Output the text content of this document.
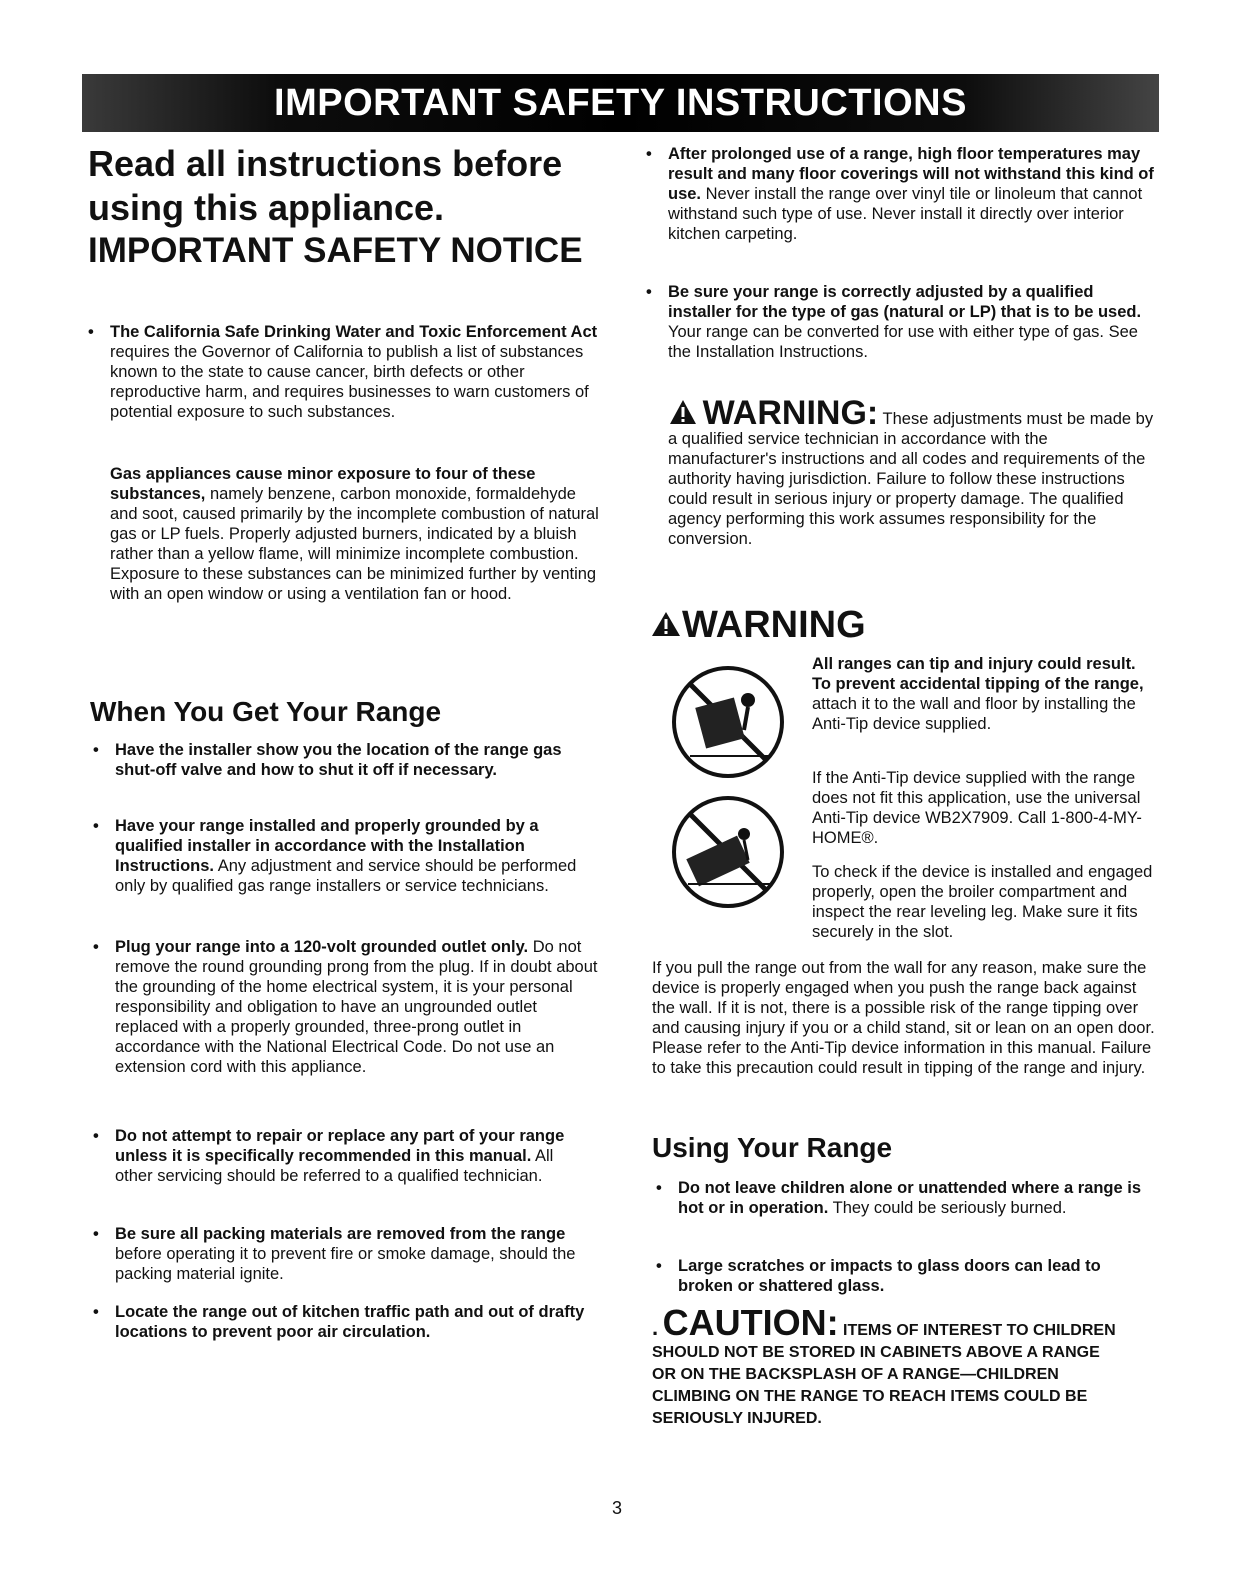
IMPORTANT SAFETY INSTRUCTIONS
Read all instructions before using this appliance.
IMPORTANT SAFETY NOTICE
• The California Safe Drinking Water and Toxic Enforcement Act requires the Governor of California to publish a list of substances known to the state to cause cancer, birth defects or other reproductive harm, and requires businesses to warn customers of potential exposure to such substances.
Gas appliances cause minor exposure to four of these substances, namely benzene, carbon monoxide, formaldehyde and soot, caused primarily by the incomplete combustion of natural gas or LP fuels. Properly adjusted burners, indicated by a bluish rather than a yellow flame, will minimize incomplete combustion. Exposure to these substances can be minimized further by venting with an open window or using a ventilation fan or hood.
When You Get Your Range
• Have the installer show you the location of the range gas shut-off valve and how to shut it off if necessary.
• Have your range installed and properly grounded by a qualified installer in accordance with the Installation Instructions. Any adjustment and service should be performed only by qualified gas range installers or service technicians.
• Plug your range into a 120-volt grounded outlet only. Do not remove the round grounding prong from the plug. If in doubt about the grounding of the home electrical system, it is your personal responsibility and obligation to have an ungrounded outlet replaced with a properly grounded, three-prong outlet in accordance with the National Electrical Code. Do not use an extension cord with this appliance.
• Do not attempt to repair or replace any part of your range unless it is specifically recommended in this manual. All other servicing should be referred to a qualified technician.
• Be sure all packing materials are removed from the range before operating it to prevent fire or smoke damage, should the packing material ignite.
• Locate the range out of kitchen traffic path and out of drafty locations to prevent poor air circulation.
• After prolonged use of a range, high floor temperatures may result and many floor coverings will not withstand this kind of use. Never install the range over vinyl tile or linoleum that cannot withstand such type of use. Never install it directly over interior kitchen carpeting.
• Be sure your range is correctly adjusted by a qualified installer for the type of gas (natural or LP) that is to be used. Your range can be converted for use with either type of gas. See the Installation Instructions.
WARNING: These adjustments must be made by a qualified service technician in accordance with the manufacturer's instructions and all codes and requirements of the authority having jurisdiction. Failure to follow these instructions could result in serious injury or property damage. The qualified agency performing this work assumes responsibility for the conversion.
WARNING
All ranges can tip and injury could result. To prevent accidental tipping of the range, attach it to the wall and floor by installing the Anti-Tip device supplied.
If the Anti-Tip device supplied with the range does not fit this application, use the universal Anti-Tip device WB2X7909. Call 1-800-4-MY-HOME®.
To check if the device is installed and engaged properly, open the broiler compartment and inspect the rear leveling leg. Make sure it fits securely in the slot.
If you pull the range out from the wall for any reason, make sure the device is properly engaged when you push the range back against the wall. If it is not, there is a possible risk of the range tipping over and causing injury if you or a child stand, sit or lean on an open door. Please refer to the Anti-Tip device information in this manual. Failure to take this precaution could result in tipping of the range and injury.
Using Your Range
• Do not leave children alone or unattended where a range is hot or in operation. They could be seriously burned.
• Large scratches or impacts to glass doors can lead to broken or shattered glass.
. CAUTION: ITEMS OF INTEREST TO CHILDREN SHOULD NOT BE STORED IN CABINETS ABOVE A RANGE OR ON THE BACKSPLASH OF A RANGE—CHILDREN CLIMBING ON THE RANGE TO REACH ITEMS COULD BE SERIOUSLY INJURED.
3
